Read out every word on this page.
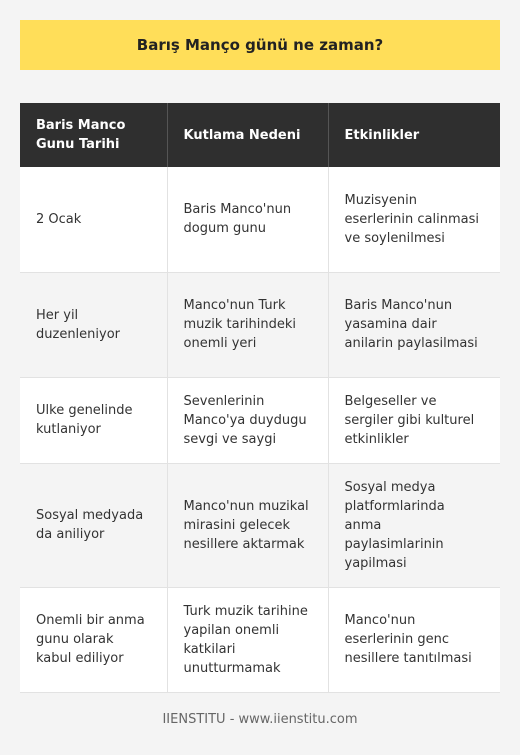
Barış Manço günü ne zaman?
Baris Manco Gunu Tarihi	Kutlama Nedeni	Etkinlikler
2 Ocak	Baris Manco'nun dogum gunu	Muzisyenin eserlerinin calinmasi ve soylenilmesi
Her yil duzenleniyor	Manco'nun Turk muzik tarihindeki onemli yeri	Baris Manco'nun yasamina dair anilarin paylasilmasi
Ulke genelinde kutlaniyor	Sevenlerinin Manco'ya duydugu sevgi ve saygi	Belgeseller ve sergiler gibi kulturel etkinlikler
Sosyal medyada da aniliyor	Manco'nun muzikal mirasini gelecek nesillere aktarmak	Sosyal medya platformlarinda anma paylasimlarinin yapilmasi
Onemli bir anma gunu olarak kabul ediliyor	Turk muzik tarihine yapilan onemli katkilari unutturmamak	Manco'nun eserlerinin genc nesillere tanıtılmasi
IIENSTITU - www.iienstitu.com
